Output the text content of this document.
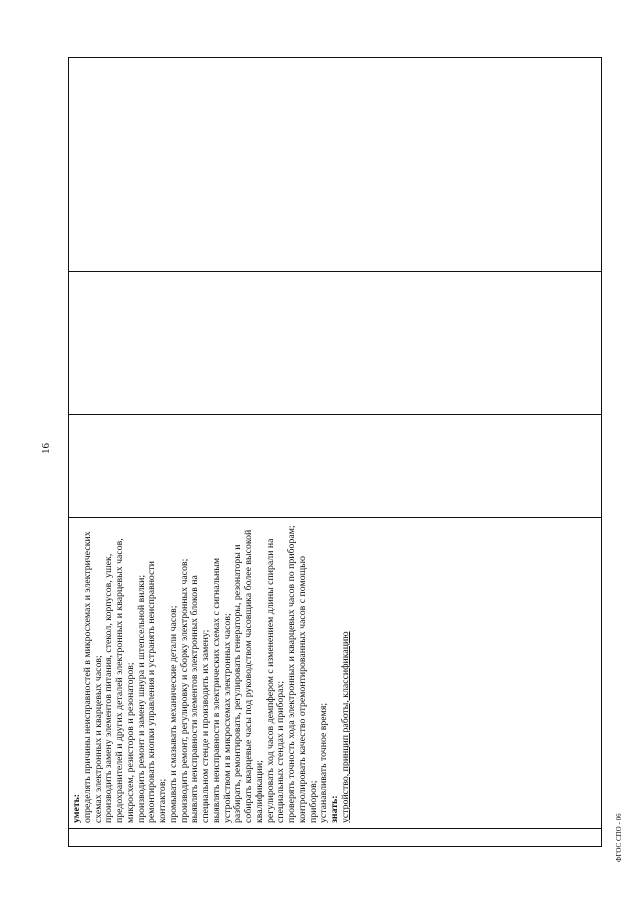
16
уметь: определять причины неисправностей в микросхемах и электрических схемах электронных и кварцевых часов; производить замену элементов питания, стекол, корпусов, ушек, предохранителей и других деталей электронных и кварцевых часов, микросхем, резисторов и резонаторов; производить ремонт и замену шнура и штепсельной вилки; ремонтировать кнопки управления и устранять неисправности контактов; промывать и смазывать механические детали часов; производить ремонт, регулировку и сборку электронных часов; выявлять неисправности элементов электронных блоков на специальном стенде и производить их замену; выявлять неисправности в электрических схемах с сигнальным устройством и в микросхемах электронных часов; разбирать, ремонтировать, регулировать генераторы, резонаторы и собирать кварцевые часы под руководством часовщика более высокой квалификации; регулировать ход часов демпфером с изменением длины спирали на специальных стендах и приборах; проверять точность хода электронных и кварцевых часов по приборам; контролировать качество отремонтированных часов с помощью приборов; устанавливать точное время; знать: устройство, принцип работы, классификацию
ФГОС СПО - 06
